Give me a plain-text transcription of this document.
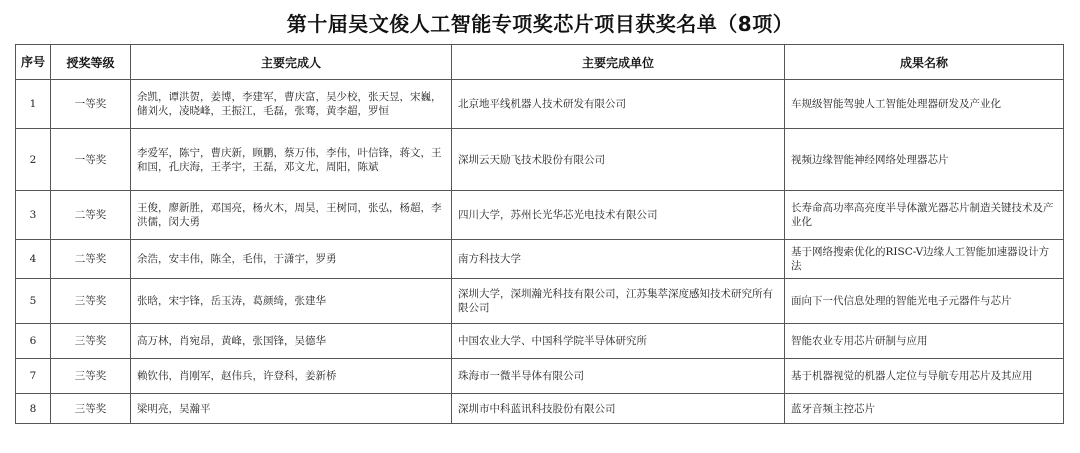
第十届吴文俊人工智能专项奖芯片项目获奖名单（8项）
序号	授奖等级	主要完成人	主要完成单位	成果名称
1	一等奖	余凯，谭洪贺，姜博，李建军，曹庆富，吴少校，张天昱，宋巍，储刘火，凌晓峰，王振江，毛磊，张骞，黄李超，罗恒	北京地平线机器人技术研发有限公司	车规级智能驾驶人工智能处理器研发及产业化
2	一等奖	李爱军，陈宁，曹庆新，顾鹏，蔡万伟，李伟，叶信锋，蒋文，王和国，孔庆海，王孝宇，王磊，邓文尤，周阳，陈斌	深圳云天励飞技术股份有限公司	视频边缘智能神经网络处理器芯片
3	二等奖	王俊，廖新胜，邓国亮，杨火木，周昊，王树同，张弘，杨超，李洪儒，闵大勇	四川大学，苏州长光华芯光电技术有限公司	长寿命高功率高亮度半导体激光器芯片制造关键技术及产业化
4	二等奖	余浩，安丰伟，陈全，毛伟，于潇宇，罗勇	南方科技大学	基于网络搜索优化的RISC-V边缘人工智能加速器设计方法
5	三等奖	张晗，宋宇锋，岳玉涛，葛颜绮，张建华	深圳大学，深圳瀚光科技有限公司，江苏集萃深度感知技术研究所有限公司	面向下一代信息处理的智能光电子元器件与芯片
6	三等奖	高万林，肖宛昂，黄峰，张国锋，吴德华	中国农业大学、中国科学院半导体研究所	智能农业专用芯片研制与应用
7	三等奖	赖钦伟，肖刚军，赵伟兵，许登科，姜新桥	珠海市一微半导体有限公司	基于机器视觉的机器人定位与导航专用芯片及其应用
8	三等奖	梁明亮，吴瀚平	深圳市中科蓝讯科技股份有限公司	蓝牙音频主控芯片
